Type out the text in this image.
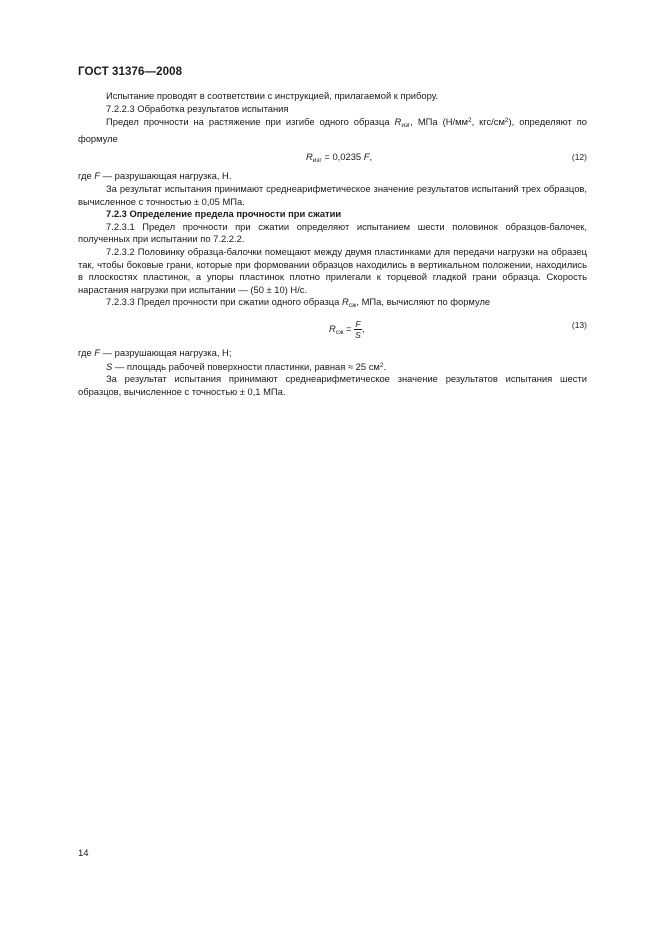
ГОСТ 31376—2008

Испытание проводят в соответствии с инструкцией, прилагаемой к прибору.

7.2.2.3 Обработка результатов испытания

Предел прочности на растяжение при изгибе одного образца $R_{изг}$, МПа ($Н/мм^2$, кгс/$см^2$), определяют по формуле

$R_{изг} = 0,0235$ F,	(12)

где F — разрушающая нагрузка, Н.

За результат испытания принимают среднеарифметическое значение результатов испытаний трех образцов, вычисленное с точностью ± 0,05 МПа.

7.2.3 Определение предела прочности при сжатии

7.2.3.1 Предел прочности при сжатии определяют испытанием шести половинок образцов-балочек, полученных при испытании по 7.2.2.2.

7.2.3.2 Половинку образца-балочки помещают между двумя пластинками для передачи нагрузки на образец так, чтобы боковые грани, которые при формовании образцов находились в вертикальном положении, находились в плоскостях пластинок, а упоры пластинок плотно прилегали к торцевой гладкой грани образца. Скорость нарастания нагрузки при испытании — (50 ± 10) Н/с.

7.2.3.3 Предел прочности при сжатии одного образца $R_{сж}$, МПа, вычисляют по формуле

$R_{сж} = \frac{F}{S}$ ,	(13)

где F — разрушающая нагрузка, Н;

S — площадь рабочей поверхности пластинки, равная ≈ 25 $см^2$.

За результат испытания принимают среднеарифметическое значение результатов испытания шести образцов, вычисленное с точностью ± 0,1 МПа.

14
